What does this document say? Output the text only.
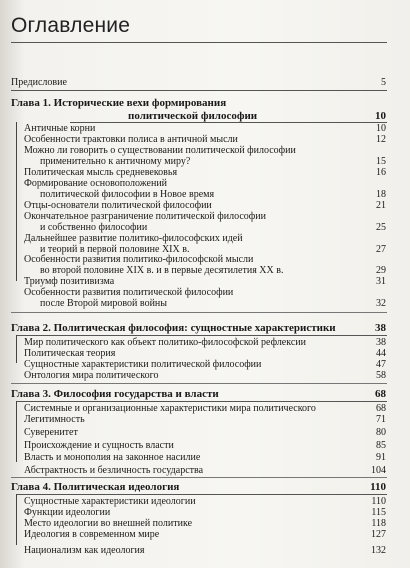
Оглавление
Предисловие	5
Глава 1. Исторические вехи формирования
политической философии	10
Античные корни	10
Особенности трактовки полиса в античной мысли	12
Можно ли говорить о существовании политической философии
применительно к античному миру?	15
Политическая мысль средневековья	16
Формирование основоположений
политической философии в Новое время	18
Отцы-основатели политической философии	21
Окончательное разграничение политической философии
и собственно философии	25
Дальнейшее развитие политико-философских идей
и теорий в первой половине XIX в.	27
Особенности развития политико-философской мысли
во второй половине XIX в. и в первые десятилетия XX в.	29
Триумф позитивизма	31
Особенности развития политической философии
после Второй мировой войны	32
Глава 2. Политическая философия: сущностные характеристики	38
Мир политического как объект политико-философской рефлексии	38
Политическая теория	44
Сущностные характеристики политической философии	47
Онтология мира политического	58
Глава 3. Философия государства и власти	68
Системные и организационные характеристики мира политического	68
Легитимность	71
Суверенитет	80
Происхождение и сущность власти	85
Власть и монополия на законное насилие	91
Абстрактность и безличность государства	104
Глава 4. Политическая идеология	110
Сущностные характеристики идеологии	110
Функции идеологии	115
Место идеологии во внешней политике	118
Идеология в современном мире	127
Национализм как идеология	132
